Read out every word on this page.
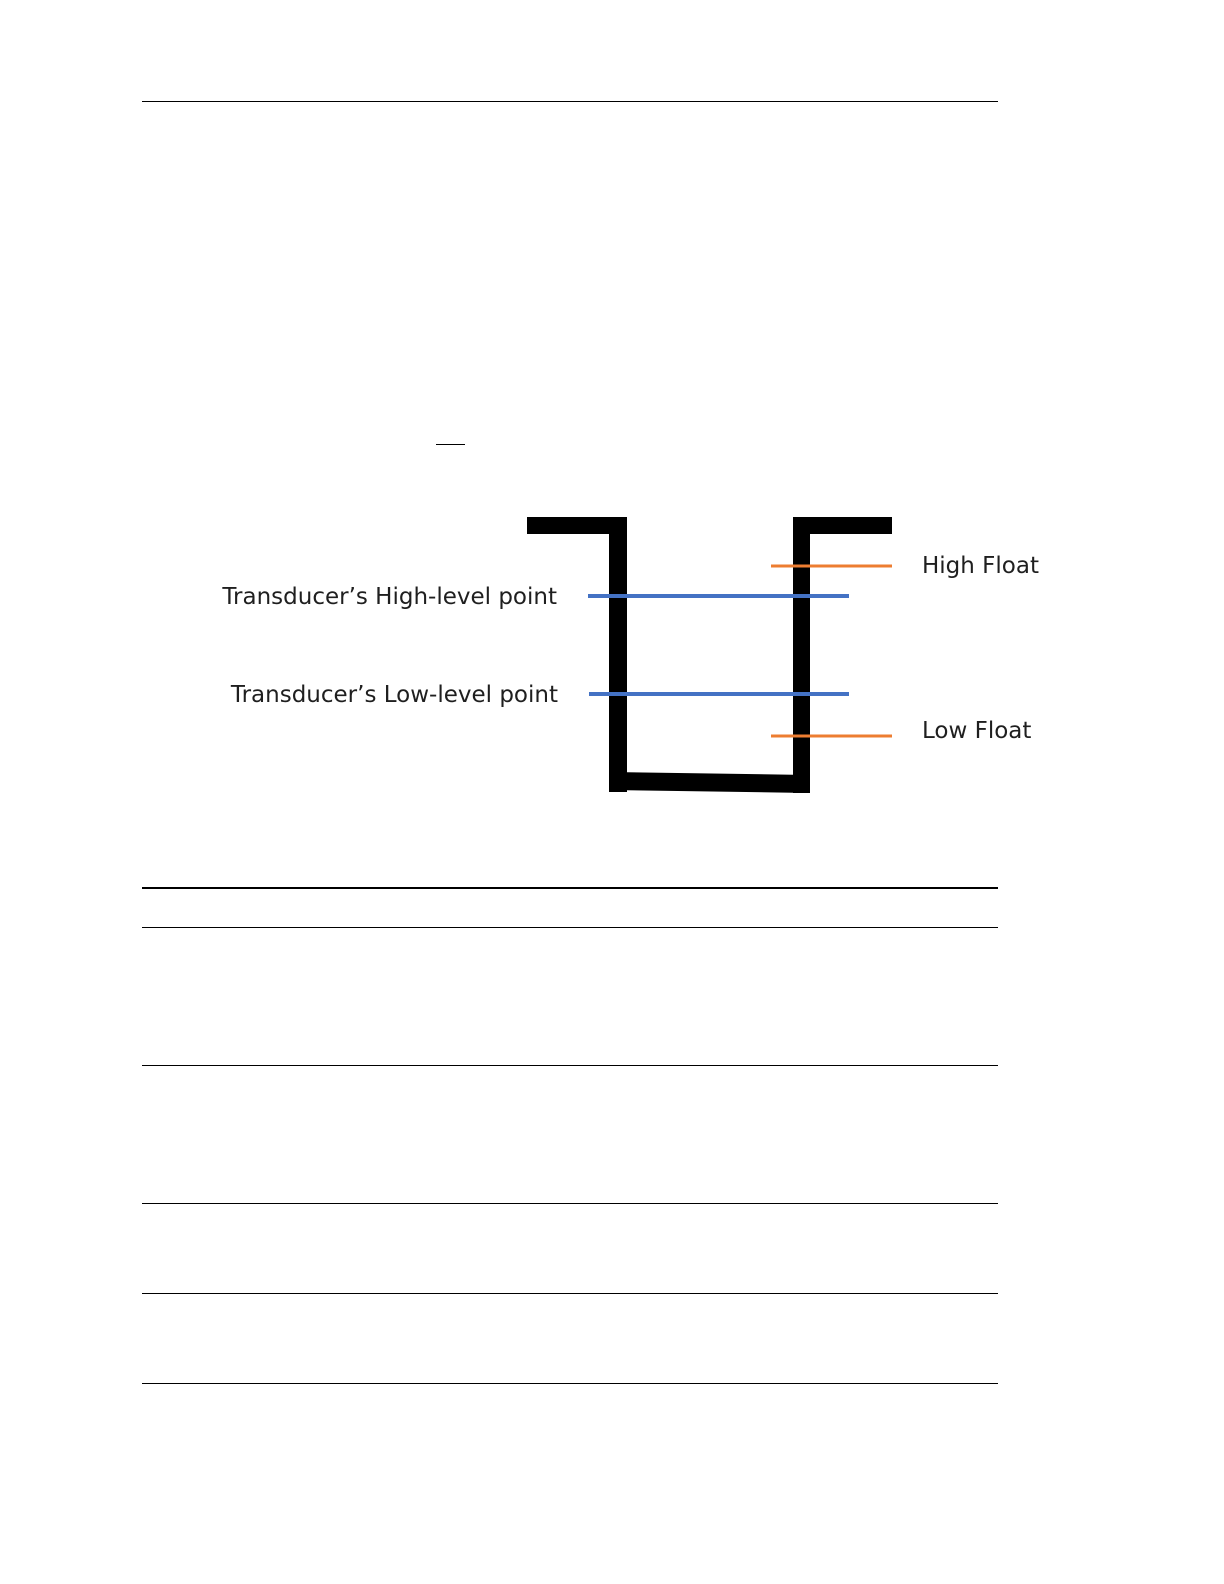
High Float
Low Float
Transducer’s High-level point
Transducer’s Low-level point
